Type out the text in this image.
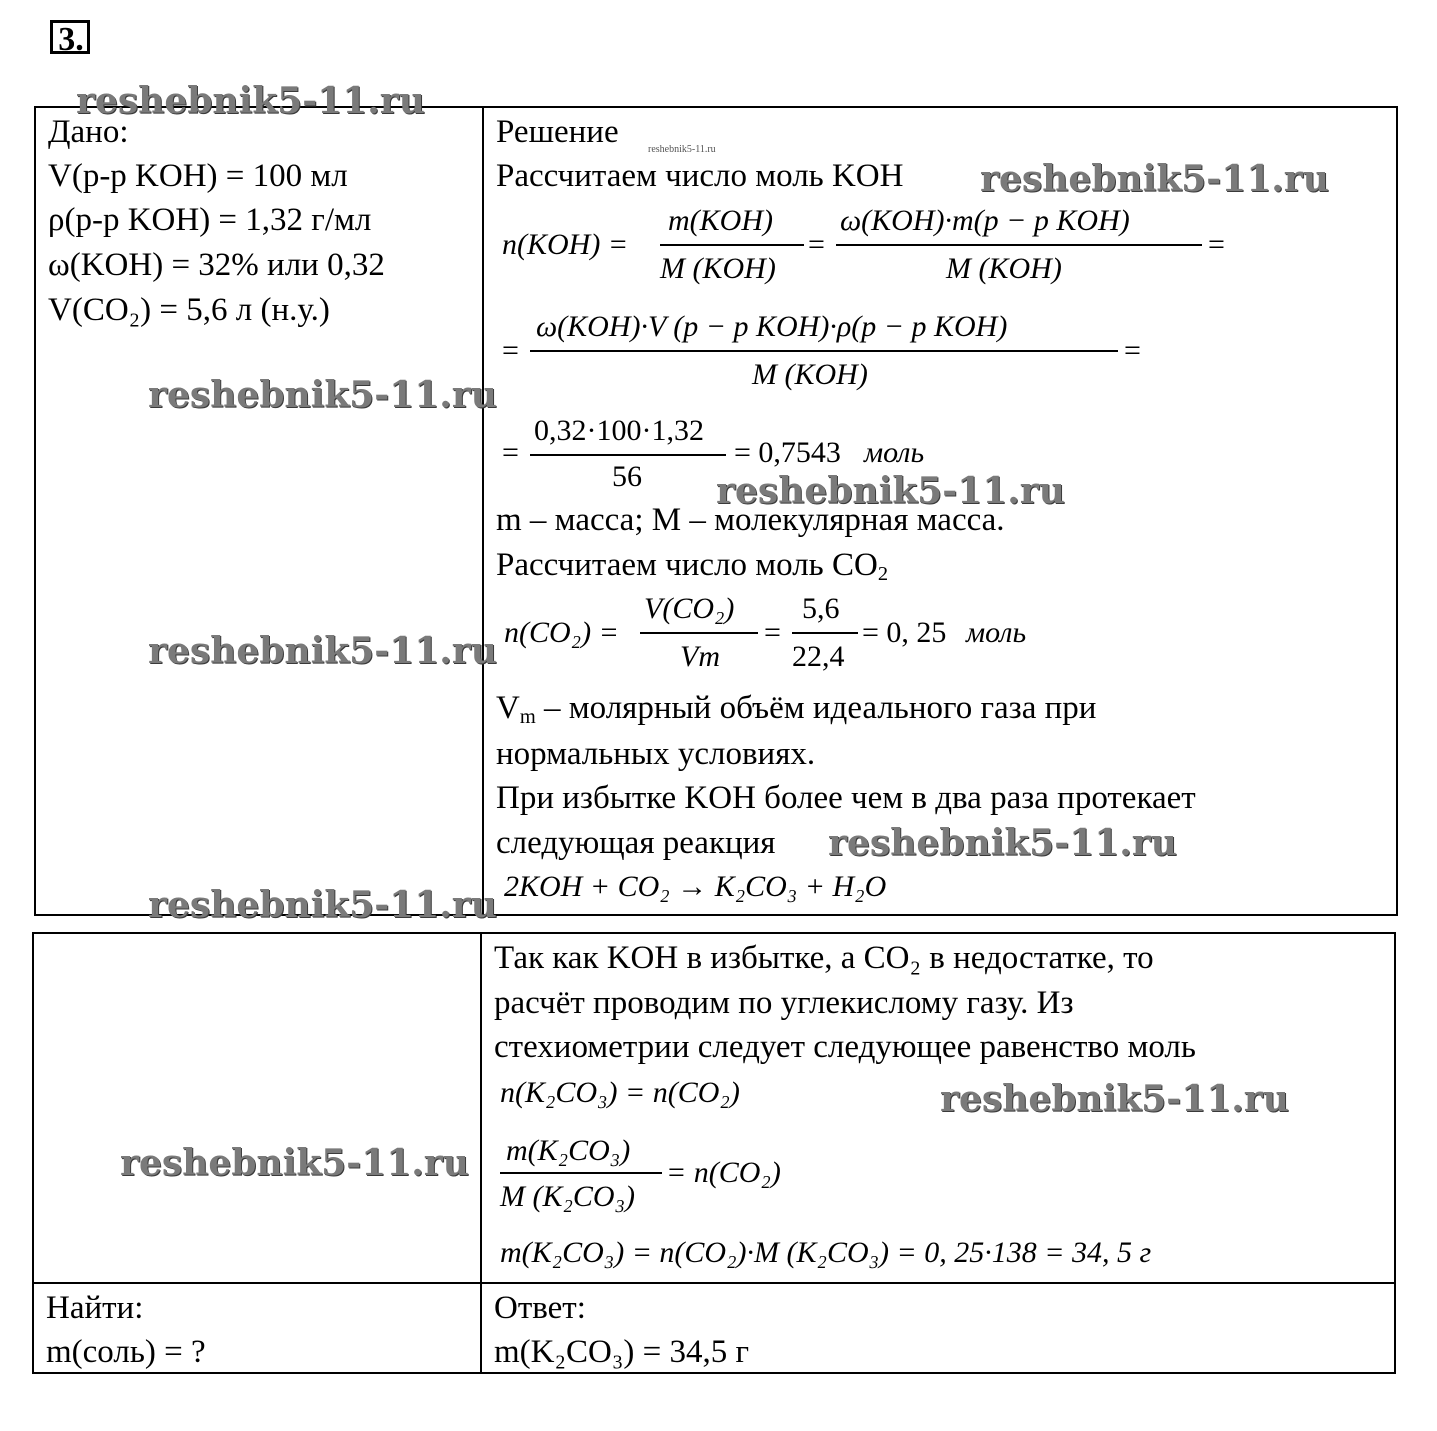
3.
Дано:
V(р-р KOH) = 100 мл
ρ(р-р KOH) = 1,32 г/мл
ω(KOH) = 32% или 0,32
V(CO₂) = 5,6 л (н.у.)
Решение
Рассчитаем число моль KOH
n(KOH) =
m(KOH)
M (KOH)
=
ω(KOH)·m(p − p KOH)
M (KOH)
=
=
ω(KOH)·V (p − p KOH)·ρ(p − p KOH)
M (KOH)
=
=
0,32·100·1,32
56
= 0,7543 моль
m – масса; M – молекулярная масса.
Рассчитаем число моль $CO_2$
n(CO₂) =
V(CO₂)
Vm
=
5,6
22,4
= 0, 25 моль
$V_m$ – молярный объём идеального газа при
нормальных условиях.
При избытке KOH более чем в два раза протекает
следующая реакция
2KOH + CO₂ → K₂CO₃ + H₂O
Так как KOH в избытке, а CO₂ в недостатке, то
расчёт проводим по углекислому газу. Из
стехиометрии следует следующее равенство моль
n(K₂CO₃) = n(CO₂)
m(K₂CO₃)
M (K₂CO₃)
= n(CO₂)
m(K₂CO₃) = n(CO₂)·M (K₂CO₃) = 0, 25·138 = 34, 5 г
Найти:
m(соль) = ?
Ответ:
m(K₂CO₃) = 34,5 г
reshebnik5-11.ru
reshebnik5-11.ru
reshebnik5-11.ru
reshebnik5-11.ru
reshebnik5-11.ru
reshebnik5-11.ru
reshebnik5-11.ru
reshebnik5-11.ru
reshebnik5-11.ru
reshebnik5-11.ru
